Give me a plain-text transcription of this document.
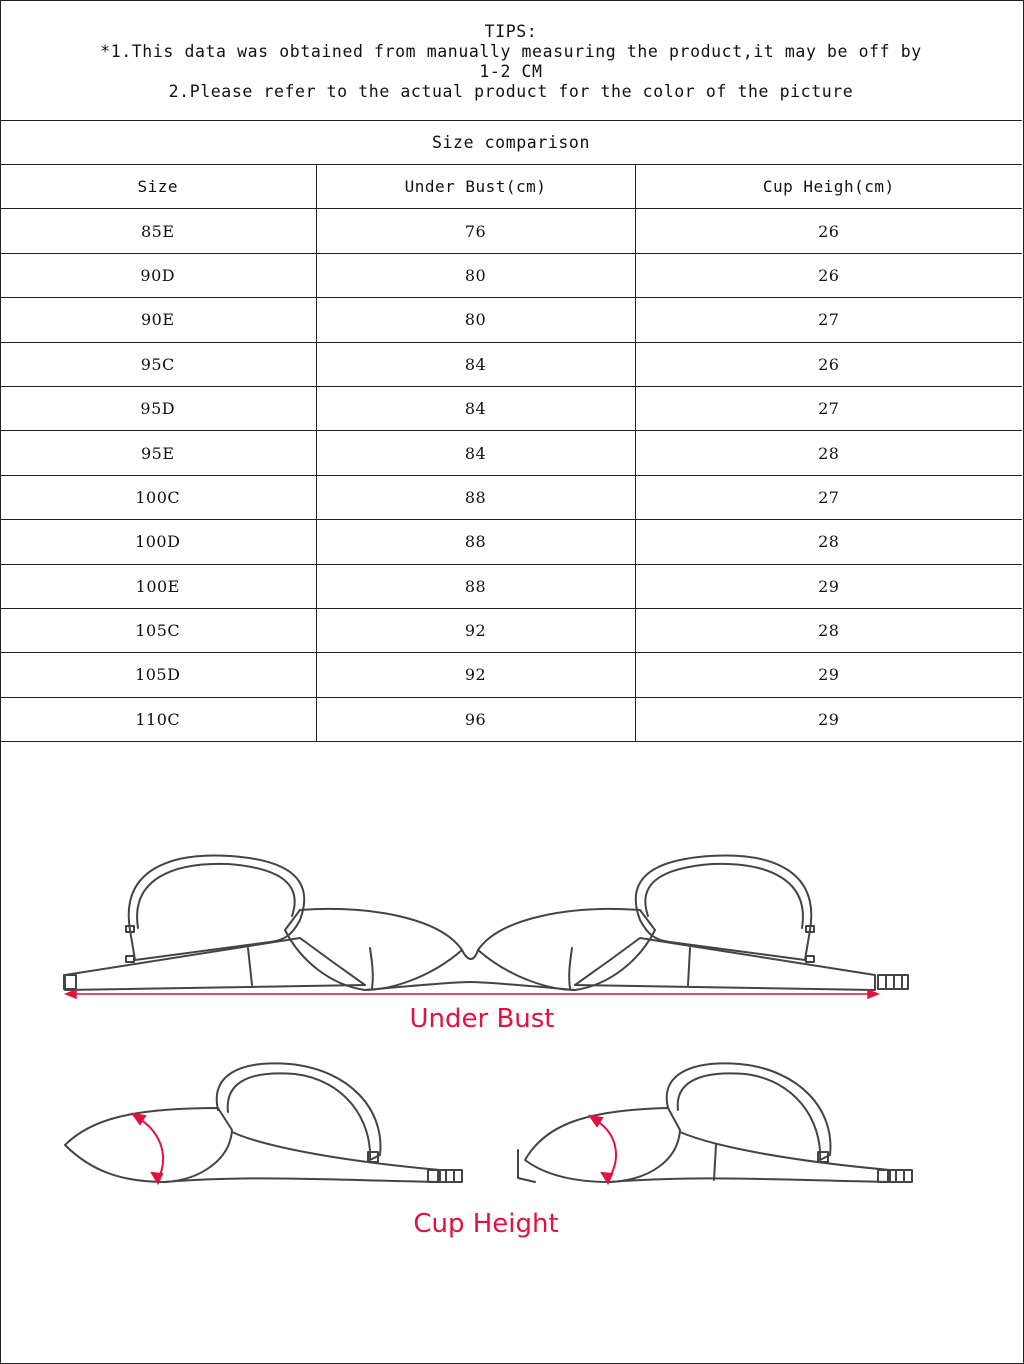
TIPS:
*1.This data was obtained from manually measuring the product,it may be off by
1-2 CM
2.Please refer to the actual product for the color of the picture
Size comparison
Size	Under Bust(cm)	Cup Heigh(cm)
85E	76	26
90D	80	26
90E	80	27
95C	84	26
95D	84	27
95E	84	28
100C	88	27
100D	88	28
100E	88	29
105C	92	28
105D	92	29
110C	96	29
Under Bust
Cup Height
